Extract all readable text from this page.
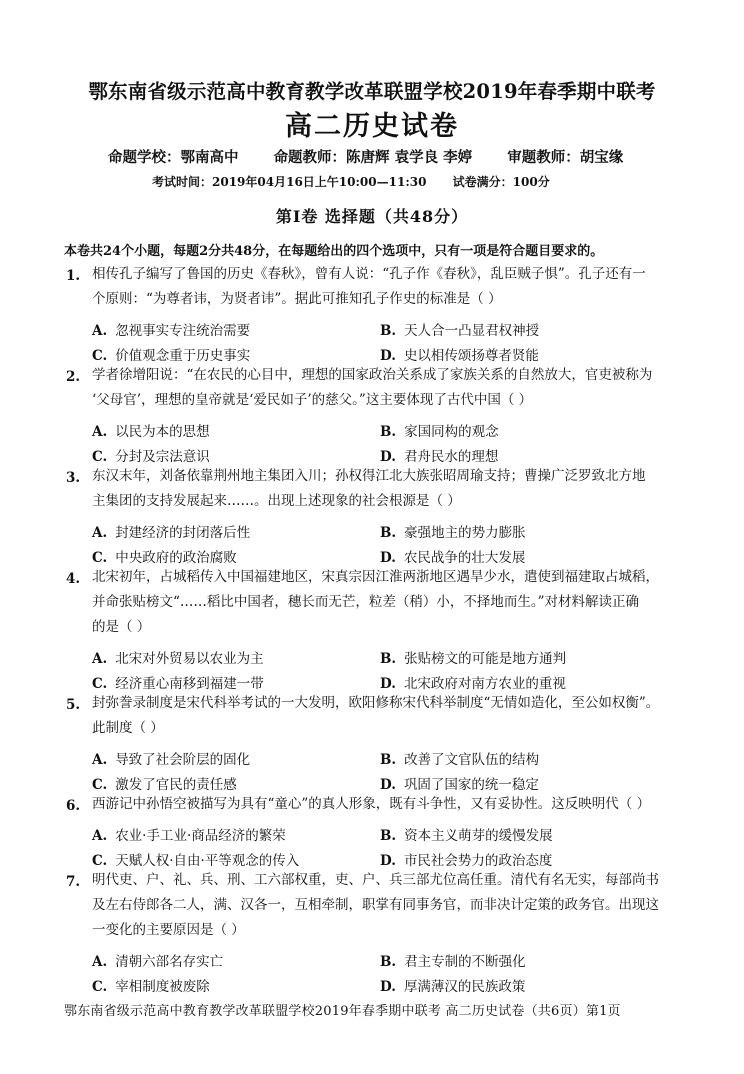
鄂东南省级示范高中教育教学改革联盟学校2019年春季期中联考
高二历史试卷
命题学校：鄂南高中 命题教师：陈唐辉 袁学良 李婷 审题教师：胡宝缘
考试时间：2019年04月16日上午10:00—11:30 试卷满分：100分
第Ⅰ卷 选择题（共48分）
本卷共24个小题，每题2分共48分，在每题给出的四个选项中，只有一项是符合题目要求的。
1. 相传孔子编写了鲁国的历史《春秋》，曾有人说：“孔子作《春秋》，乱臣贼子惧”。孔子还有一
个原则：“为尊者讳，为贤者讳”。据此可推知孔子作史的标准是（ ）
A. 忽视事实专注统治需要	B. 天人合一凸显君权神授
C. 价值观念重于历史事实	D. 史以相传颂扬尊者贤能
2. 学者徐增阳说：“在农民的心目中，理想的国家政治关系成了家族关系的自然放大，官吏被称为
‘父母官’，理想的皇帝就是‘爱民如子’的慈父。”这主要体现了古代中国（ ）
A. 以民为本的思想	B. 家国同构的观念
C. 分封及宗法意识	D. 君舟民水的理想
3. 东汉末年，刘备依靠荆州地主集团入川；孙权得江北大族张昭周瑜支持；曹操广泛罗致北方地
主集团的支持发展起来……。出现上述现象的社会根源是（ ）
A. 封建经济的封闭落后性	B. 豪强地主的势力膨胀
C. 中央政府的政治腐败	D. 农民战争的壮大发展
4. 北宋初年，占城稻传入中国福建地区，宋真宗因江淮两浙地区遇旱少水，遣使到福建取占城稻，
并命张贴榜文“……稻比中国者，穗长而无芒，粒差（稍）小，不择地而生。”对材料解读正确
的是（ ）
A. 北宋对外贸易以农业为主	B. 张贴榜文的可能是地方通判
C. 经济重心南移到福建一带	D. 北宋政府对南方农业的重视
5. 封弥誊录制度是宋代科举考试的一大发明，欧阳修称宋代科举制度“无情如造化，至公如权衡”。
此制度（ ）
A. 导致了社会阶层的固化	B. 改善了文官队伍的结构
C. 激发了官民的责任感	D. 巩固了国家的统一稳定
6. 西游记中孙悟空被描写为具有“童心”的真人形象，既有斗争性，又有妥协性。这反映明代（ ）
A. 农业·手工业·商品经济的繁荣	B. 资本主义萌芽的缓慢发展
C. 天赋人权·自由·平等观念的传入	D. 市民社会势力的政治态度
7. 明代吏、户、礼、兵、刑、工六部权重，吏、户、兵三部尤位高任重。清代有名无实，每部尚书
及左右侍郎各二人，满、汉各一，互相牵制，职掌有同事务官，而非决计定策的政务官。出现这
一变化的主要原因是（ ）
A. 清朝六部名存实亡	B. 君主专制的不断强化
C. 宰相制度被废除	D. 厚满薄汉的民族政策
鄂东南省级示范高中教育教学改革联盟学校2019年春季期中联考 高二历史试卷（共6页）第1页
